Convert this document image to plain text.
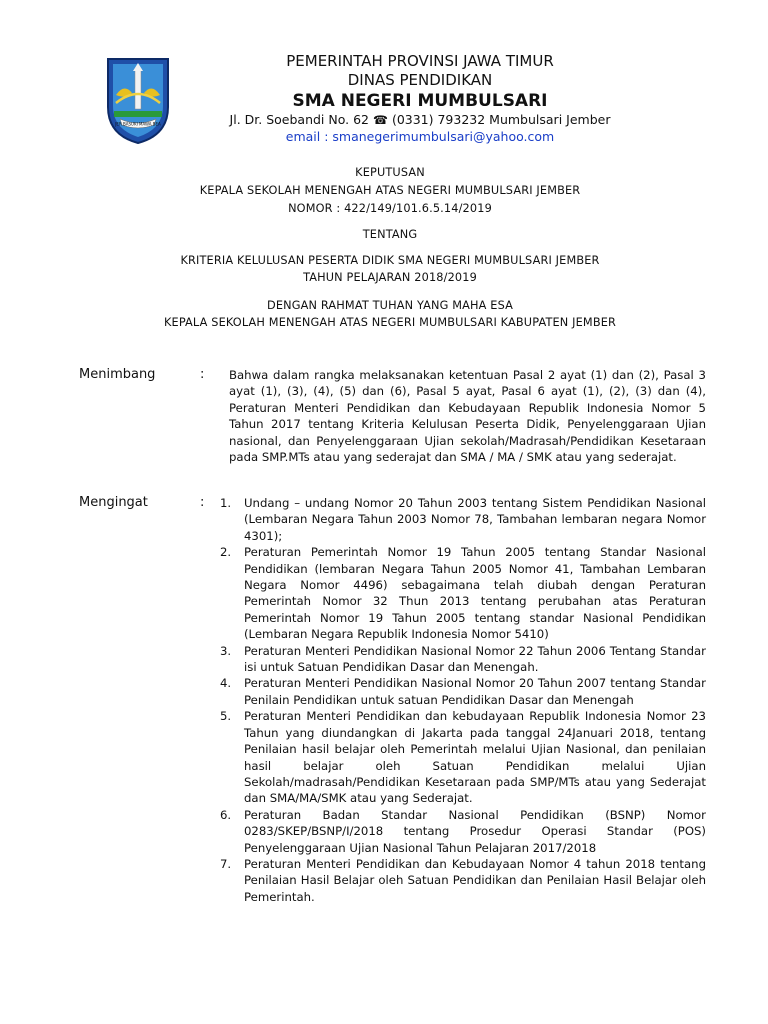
JER BASUKI MAWA BEA
PEMERINTAH PROVINSI JAWA TIMUR
DINAS PENDIDIKAN
SMA NEGERI MUMBULSARI
Jl. Dr. Soebandi No. 62 ☎ (0331) 793232 Mumbulsari Jember
email : smanegerimumbulsari@yahoo.com
KEPUTUSAN
KEPALA SEKOLAH MENENGAH ATAS NEGERI MUMBULSARI JEMBER
NOMOR : 422/149/101.6.5.14/2019
TENTANG
KRITERIA KELULUSAN PESERTA DIDIK SMA NEGERI MUMBULSARI JEMBER
TAHUN PELAJARAN 2018/2019
DENGAN RAHMAT TUHAN YANG MAHA ESA
KEPALA SEKOLAH MENENGAH ATAS NEGERI MUMBULSARI KABUPATEN JEMBER
Menimbang	: Bahwa dalam rangka melaksanakan ketentuan Pasal 2 ayat (1) dan (2), Pasal 3 ayat (1), (3), (4), (5) dan (6), Pasal 5 ayat, Pasal 6 ayat (1), (2), (3) dan (4), Peraturan Menteri Pendidikan dan Kebudayaan Republik Indonesia Nomor 5 Tahun 2017 tentang Kriteria Kelulusan Peserta Didik, Penyelenggaraan Ujian nasional, dan Penyelenggaraan Ujian sekolah/Madrasah/Pendidikan Kesetaraan pada SMP.MTs atau yang sederajat dan SMA / MA / SMK atau yang sederajat.

Mengingat	: 1. Undang – undang Nomor 20 Tahun 2003 tentang Sistem Pendidikan Nasional (Lembaran Negara Tahun 2003 Nomor 78, Tambahan lembaran negara Nomor 4301);
2. Peraturan Pemerintah Nomor 19 Tahun 2005 tentang Standar Nasional Pendidikan (lembaran Negara Tahun 2005 Nomor 41, Tambahan Lembaran Negara Nomor 4496) sebagaimana telah diubah dengan Peraturan Pemerintah Nomor 32 Thun 2013 tentang perubahan atas Peraturan Pemerintah Nomor 19 Tahun 2005 tentang standar Nasional Pendidikan (Lembaran Negara Republik Indonesia Nomor 5410)
3. Peraturan Menteri Pendidikan Nasional Nomor 22 Tahun 2006 Tentang Standar isi untuk Satuan Pendidikan Dasar dan Menengah.
4. Peraturan Menteri Pendidikan Nasional Nomor 20 Tahun 2007 tentang Standar Penilain Pendidikan untuk satuan Pendidikan Dasar dan Menengah
5. Peraturan Menteri Pendidikan dan kebudayaan Republik Indonesia Nomor 23 Tahun yang diundangkan di Jakarta pada tanggal 24Januari 2018, tentang Penilaian hasil belajar oleh Pemerintah melalui Ujian Nasional, dan penilaian hasil belajar oleh Satuan Pendidikan melalui Ujian Sekolah/madrasah/Pendidikan Kesetaraan pada SMP/MTs atau yang Sederajat dan SMA/MA/SMK atau yang Sederajat.
6. Peraturan Badan Standar Nasional Pendidikan (BSNP) Nomor 0283/SKEP/BSNP/I/2018 tentang Prosedur Operasi Standar (POS) Penyelenggaraan Ujian Nasional Tahun Pelajaran 2017/2018
7. Peraturan Menteri Pendidikan dan Kebudayaan Nomor 4 tahun 2018 tentang Penilaian Hasil Belajar oleh Satuan Pendidikan dan Penilaian Hasil Belajar oleh Pemerintah.
